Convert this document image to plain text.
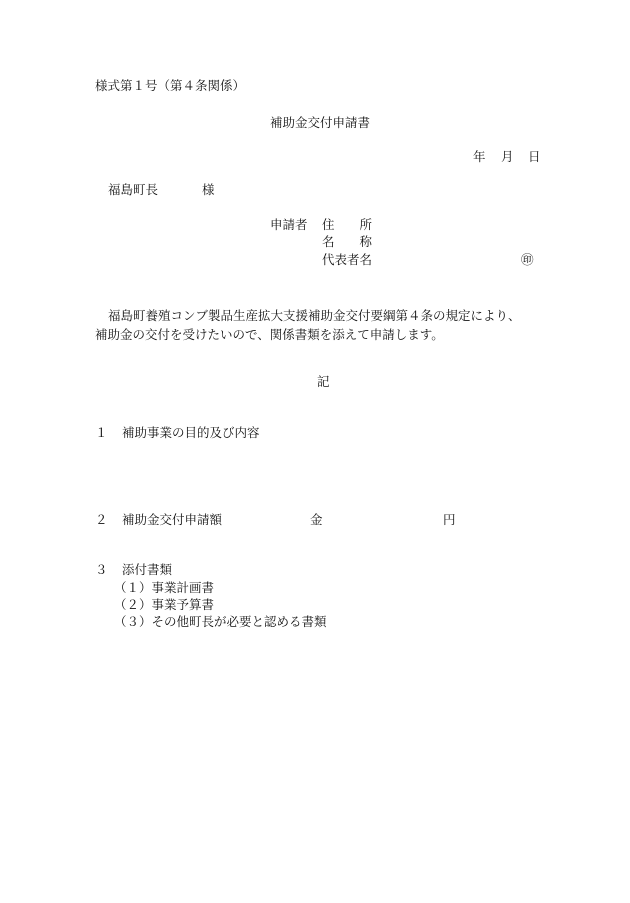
様式第１号（第４条関係）
補助金交付申請書
年 月 日
福島町長	様
申請者 住　　所
名　　称
代表者名	㊞
福島町養殖コンブ製品生産拡大支援補助金交付要綱第４条の規定により、
補助金の交付を受けたいので、関係書類を添えて申請します。
記
１ 補助事業の目的及び内容
２ 補助金交付申請額	金	円
３ 添付書類
（１）事業計画書
（２）事業予算書
（３）その他町長が必要と認める書類
